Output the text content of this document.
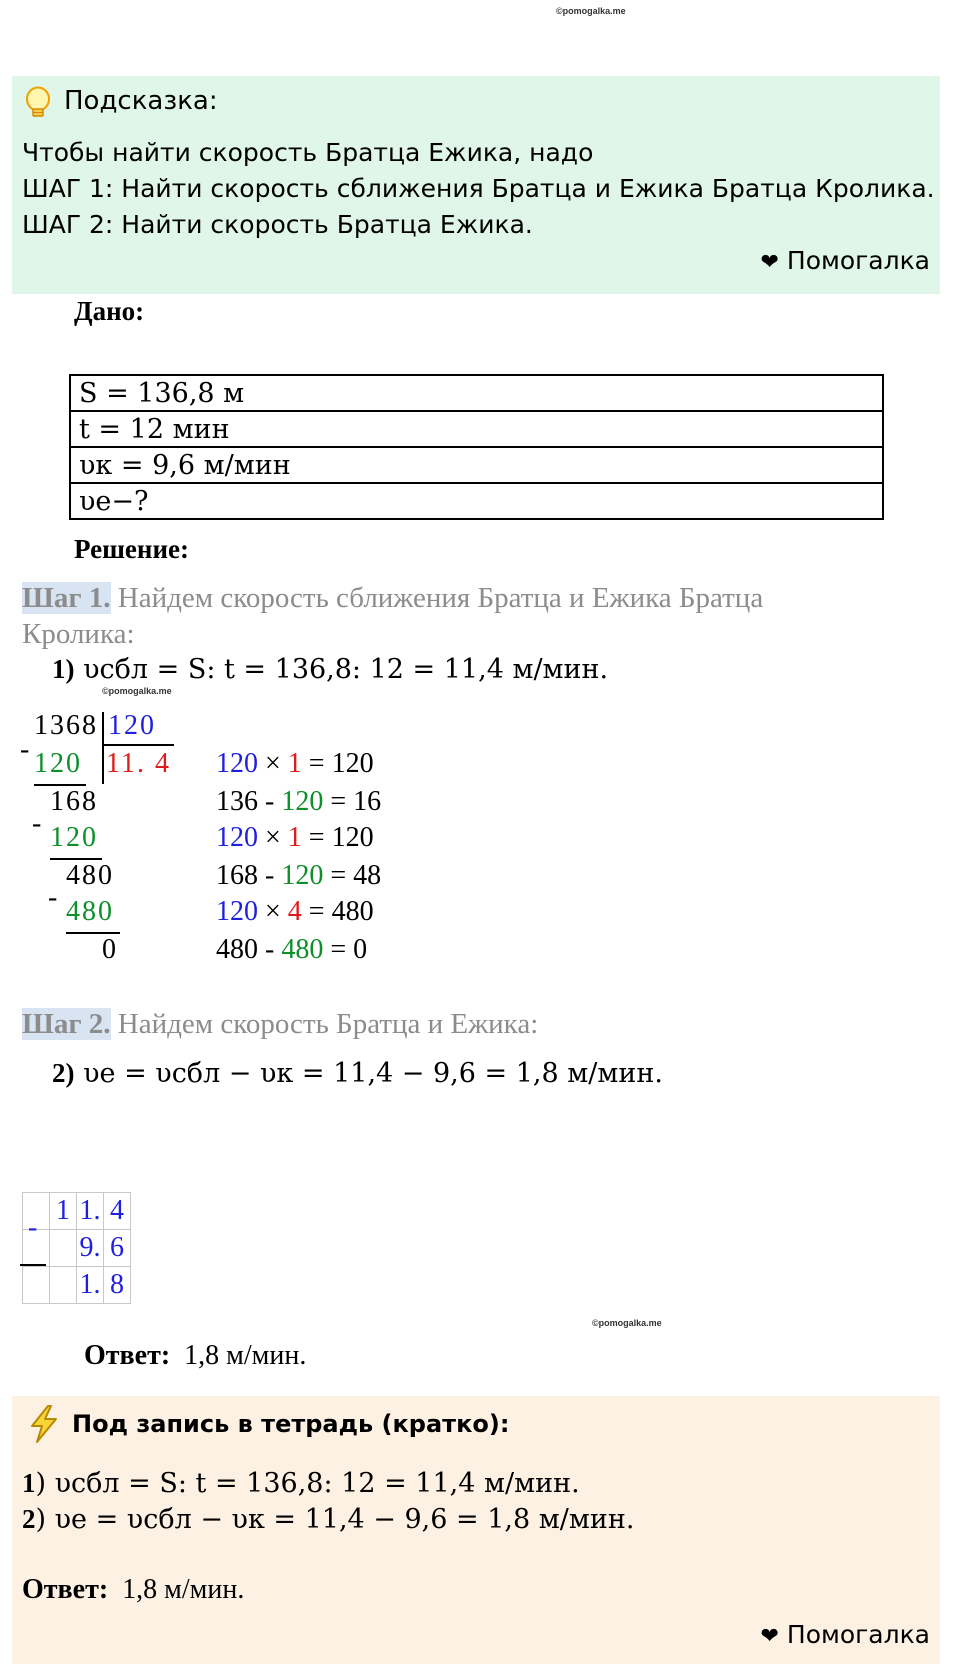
©pomogalka.me
Подсказка:
Чтобы найти скорость Братца Ежика, надо
ШАГ 1: Найти скорость сближения Братца и Ежика Братца Кролика.
ШАГ 2: Найти скорость Братца Ежика.
❤ Помогалка
Дано:
S = 136,8 м
t = 12 мин
υк = 9,6 м/мин
υе−?
Решение:
Шаг 1. Найдем скорость сближения Братца и Ежика Братца
Кролика:
1) υсбл = S: t = 136,8: 12 = 11,4 м/мин.
©pomogalka.me
1368 120
11. 4
- 120
168
- 120
480
- 480
0
120 × 1 = 120
136 - 120 = 16
120 × 1 = 120
168 - 120 = 48
120 × 4 = 480
480 - 480 = 0
Шаг 2. Найдем скорость Братца и Ежика:
2) υе = υсбл − υк = 11,4 − 9,6 = 1,8 м/мин.
	1	1.	4
		9.	6
		1.	8
-
Ответ: 1,8 м/мин.
©pomogalka.me
Под запись в тетрадь (кратко):
1) υсбл = S: t = 136,8: 12 = 11,4 м/мин.
2) υе = υсбл − υк = 11,4 − 9,6 = 1,8 м/мин.
Ответ: 1,8 м/мин.
❤ Помогалка
